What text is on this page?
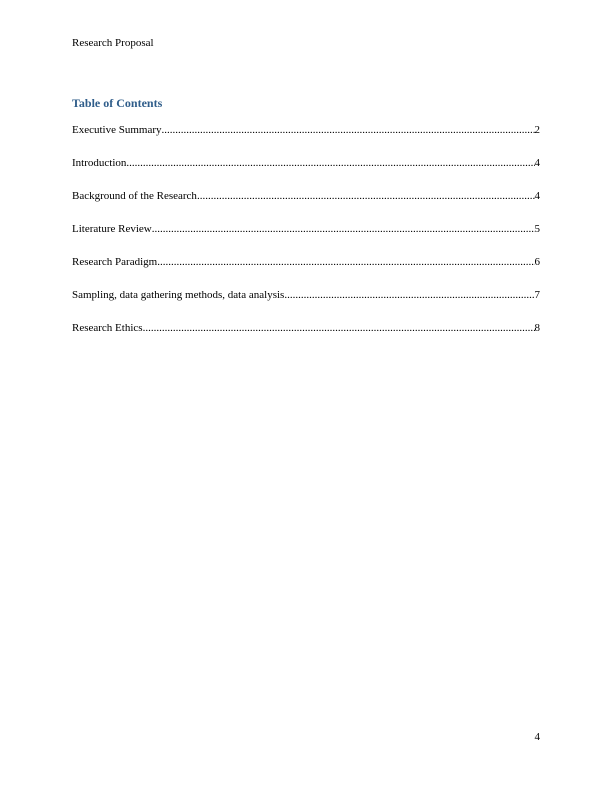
Research Proposal
Table of Contents
Executive Summary .....	2
Introduction .....	4
Background of the Research .....	4
Literature Review .....	5
Research Paradigm .....	6
Sampling, data gathering methods, data analysis .....	7
Research Ethics .....	8
4
